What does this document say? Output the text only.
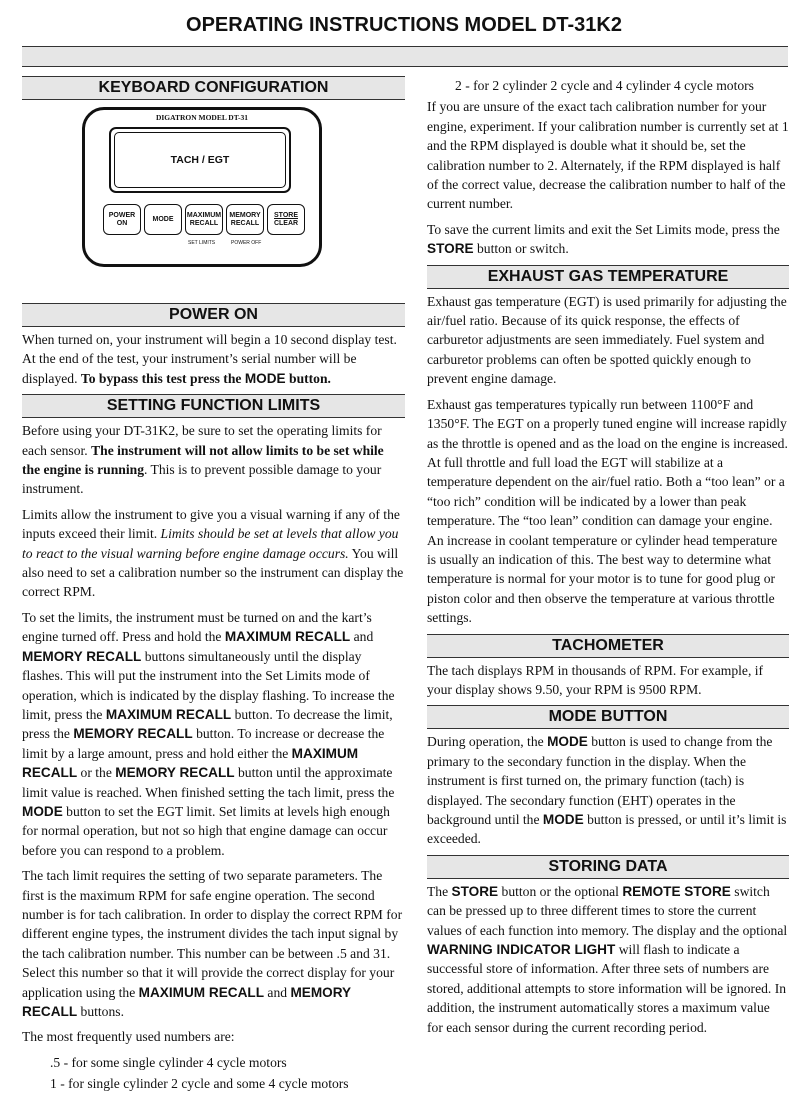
OPERATING INSTRUCTIONS MODEL DT-31K2
KEYBOARD CONFIGURATION
DIGATRON MODEL DT-31
TACH / EGT
POWER
ON
MODE
MAXIMUM
RECALL
MEMORY
RECALL
STORE
CLEAR
SET LIMITS	POWER OFF
POWER ON

When turned on, your instrument will begin a 10 second display test. At the end of the test, your instrument’s serial number will be displayed. To bypass this test press the MODE button.

SETTING FUNCTION LIMITS

Before using your DT-31K2, be sure to set the operating limits for each sensor. The instrument will not allow limits to be set while the engine is running. This is to prevent possible damage to your instrument.

Limits allow the instrument to give you a visual warning if any of the inputs exceed their limit. Limits should be set at levels that allow you to react to the visual warning before engine damage occurs. You will also need to set a calibration number so the instrument can display the correct RPM.

To set the limits, the instrument must be turned on and the kart’s engine turned off. Press and hold the MAXIMUM RECALL and MEMORY RECALL buttons simultaneously until the display flashes. This will put the instrument into the Set Limits mode of operation, which is indicated by the display flashing. To increase the limit, press the MAXIMUM RECALL button. To decrease the limit, press the MEMORY RECALL button. To increase or decrease the limit by a large amount, press and hold either the MAXIMUM RECALL or the MEMORY RECALL button until the approximate limit value is reached. When finished setting the tach limit, press the MODE button to set the EGT limit. Set limits at levels high enough for normal operation, but not so high that engine damage can occur before you can respond to a problem.

The tach limit requires the setting of two separate parameters. The first is the maximum RPM for safe engine operation. The second number is for tach calibration. In order to display the correct RPM for different engine types, the instrument divides the tach input signal by the tach calibration number. This number can be between .5 and 31. Select this number so that it will provide the correct display for your application using the MAXIMUM RECALL and MEMORY RECALL buttons.

The most frequently used numbers are:

.5 - for some single cylinder 4 cycle motors

1 - for single cylinder 2 cycle and some 4 cycle motors

2 - for 2 cylinder 2 cycle and 4 cylinder 4 cycle motors

If you are unsure of the exact tach calibration number for your engine, experiment. If your calibration number is currently set at 1 and the RPM displayed is double what it should be, set the calibration number to 2. Alternately, if the RPM displayed is half of the correct value, decrease the calibration number to half of the current number.

To save the current limits and exit the Set Limits mode, press the STORE button or switch.

EXHAUST GAS TEMPERATURE

Exhaust gas temperature (EGT) is used primarily for adjusting the air/fuel ratio. Because of its quick response, the effects of carburetor adjustments are seen immediately. Fuel system and carburetor problems can often be spotted quickly enough to prevent engine damage.

Exhaust gas temperatures typically run between 1100°F and 1350°F. The EGT on a properly tuned engine will increase rapidly as the throttle is opened and as the load on the engine is increased. At full throttle and full load the EGT will stabilize at a temperature dependent on the air/fuel ratio. Both a “too lean” or a “too rich” condition will be indicated by a lower than peak temperature. The “too lean” condition can damage your engine. An increase in coolant temperature or cylinder head temperature is usually an indication of this. The best way to determine what temperature is normal for your motor is to tune for good plug or piston color and then observe the temperature at various throttle settings.

TACHOMETER

The tach displays RPM in thousands of RPM. For example, if your display shows 9.50, your RPM is 9500 RPM.

MODE BUTTON

During operation, the MODE button is used to change from the primary to the secondary function in the display. When the instrument is first turned on, the primary function (tach) is displayed. The secondary function (EHT) operates in the background until the MODE button is pressed, or until it’s limit is exceeded.

STORING DATA

The STORE button or the optional REMOTE STORE switch can be pressed up to three different times to store the current values of each function into memory. The display and the optional WARNING INDICATOR LIGHT will flash to indicate a successful store of information. After three sets of numbers are stored, additional attempts to store information will be ignored. In addition, the instrument automatically stores a maximum value for each sensor during the current recording period.
